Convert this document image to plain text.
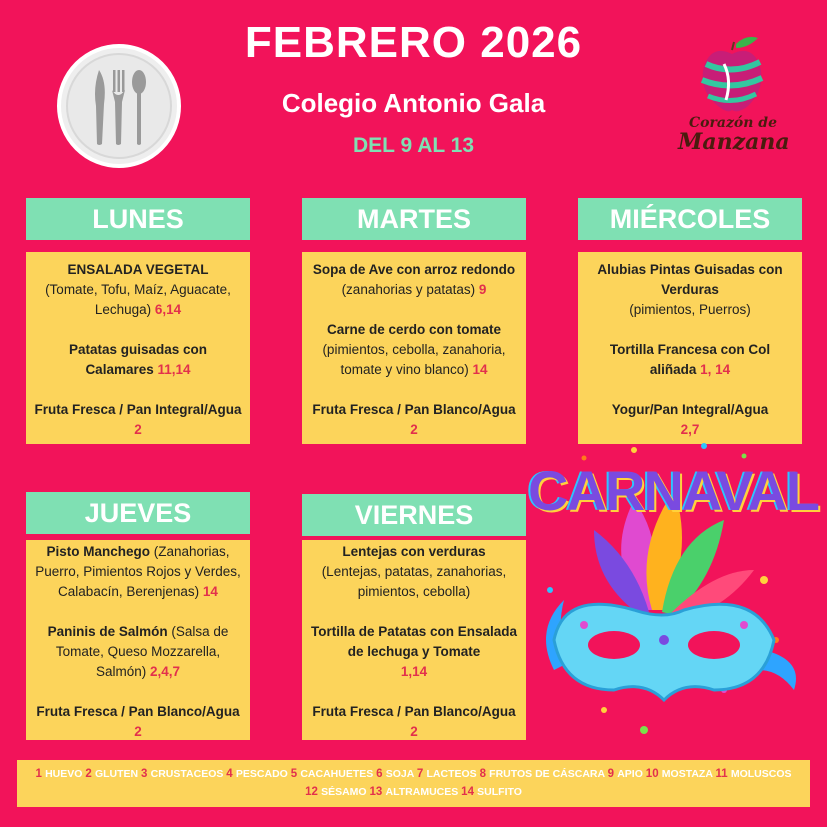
FEBRERO 2026
Colegio Antonio Gala
DEL 9 AL 13
Corazón de
Manzana
LUNES
ENSALADA VEGETAL
(Tomate, Tofu, Maíz, Aguacate, Lechuga) 6,14
Patatas guisadas con Calamares 11,14
Fruta Fresca / Pan Integral/Agua 2
MARTES
Sopa de Ave con arroz redondo
(zanahorias y patatas) 9
Carne de cerdo con tomate
(pimientos, cebolla, zanahoria, tomate y vino blanco) 14
Fruta Fresca / Pan Blanco/Agua
2
MIÉRCOLES
Alubias Pintas Guisadas con Verduras
(pimientos, Puerros)
Tortilla Francesa con Col aliñada 1, 14
Yogur/Pan Integral/Agua
2,7
JUEVES
Pisto Manchego (Zanahorias, Puerro, Pimientos Rojos y Verdes, Calabacín, Berenjenas) 14
Paninis de Salmón (Salsa de Tomate, Queso Mozzarella, Salmón) 2,4,7
Fruta Fresca / Pan Blanco/Agua
2
VIERNES
Lentejas con verduras
(Lentejas, patatas, zanahorias, pimientos, cebolla)
Tortilla de Patatas con Ensalada de lechuga y Tomate
1,14
Fruta Fresca / Pan Blanco/Agua 2
CARNAVAL
1 HUEVO 2 GLUTEN 3 CRUSTACEOS 4 PESCADO 5 CACAHUETES 6 SOJA 7 LACTEOS 8 FRUTOS DE CÁSCARA 9 APIO 10 MOSTAZA 11 MOLUSCOS
12 SÉSAMO 13 ALTRAMUCES 14 SULFITO
